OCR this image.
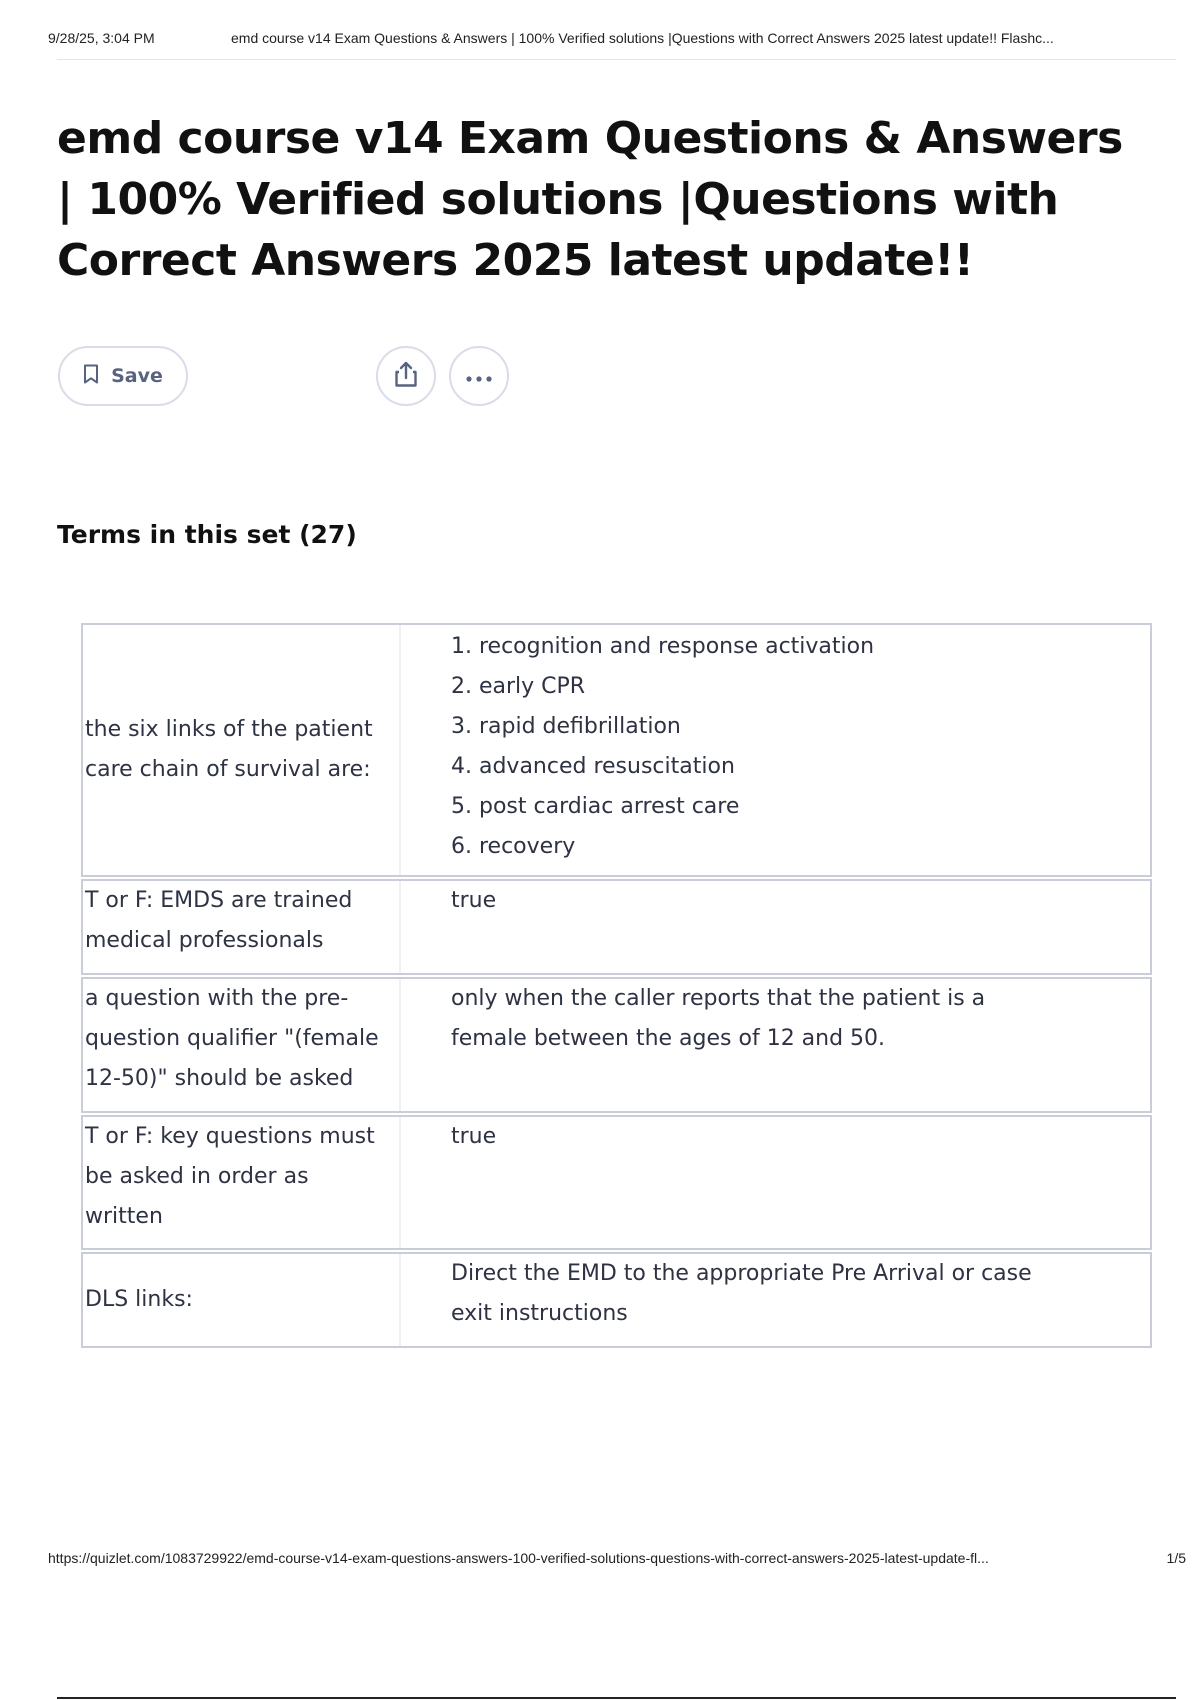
9/28/25, 3:04 PM	emd course v14 Exam Questions & Answers | 100% Verified solutions |Questions with Correct Answers 2025 latest update!! Flashc...
emd course v14 Exam Questions & Answers | 100% Verified solutions |Questions with Correct Answers 2025 latest update!!
Save
Terms in this set (27)
the six links of the patient
care chain of survival are:
1. recognition and response activation
2. early CPR
3. rapid defibrillation
4. advanced resuscitation
5. post cardiac arrest care
6. recovery
T or F: EMDS are trained
medical professionals
true
a question with the pre-
question qualifier "(female
12-50)" should be asked
only when the caller reports that the patient is a
female between the ages of 12 and 50.
T or F: key questions must
be asked in order as
written
true
DLS links:
Direct the EMD to the appropriate Pre Arrival or case
exit instructions
https://quizlet.com/1083729922/emd-course-v14-exam-questions-answers-100-verified-solutions-questions-with-correct-answers-2025-latest-update-fl...	1/5
